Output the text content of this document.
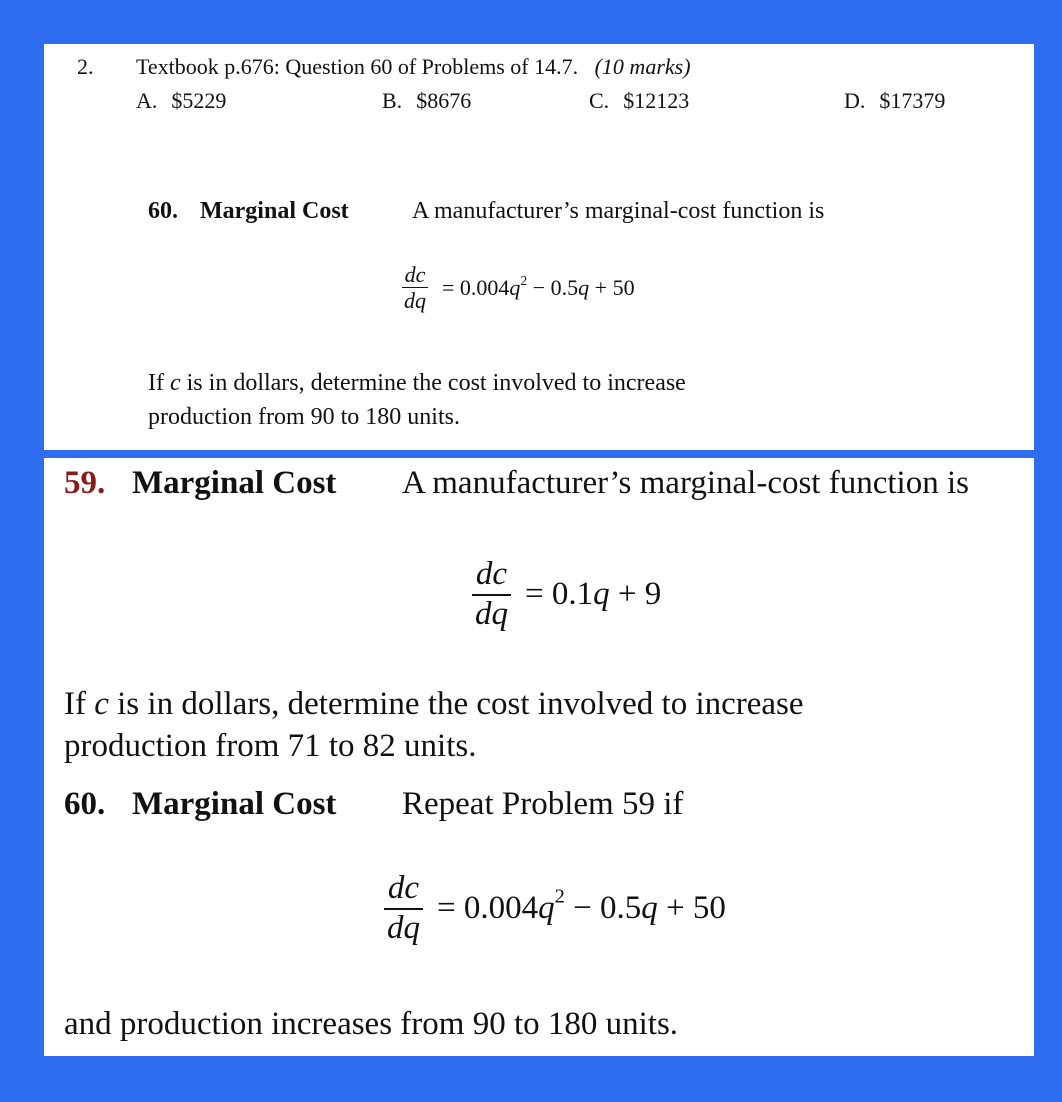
2. Textbook p.676: Question 60 of Problems of 14.7. (10 marks)
A. $5229	B. $8676	C. $12123	D. $17379
60. Marginal Cost	A manufacturer’s marginal-cost function is
$\frac{dc}{dq} = 0.004q^2 - 0.5q + 50$
If c is in dollars, determine the cost involved to increase
production from 90 to 180 units.
59. Marginal Cost A manufacturer’s marginal-cost function is
$\frac{dc}{dq} = 0.1q + 9$
If c is in dollars, determine the cost involved to increase
production from 71 to 82 units.
60. Marginal Cost Repeat Problem 59 if
$\frac{dc}{dq} = 0.004q^2 - 0.5q + 50$
and production increases from 90 to 180 units.
